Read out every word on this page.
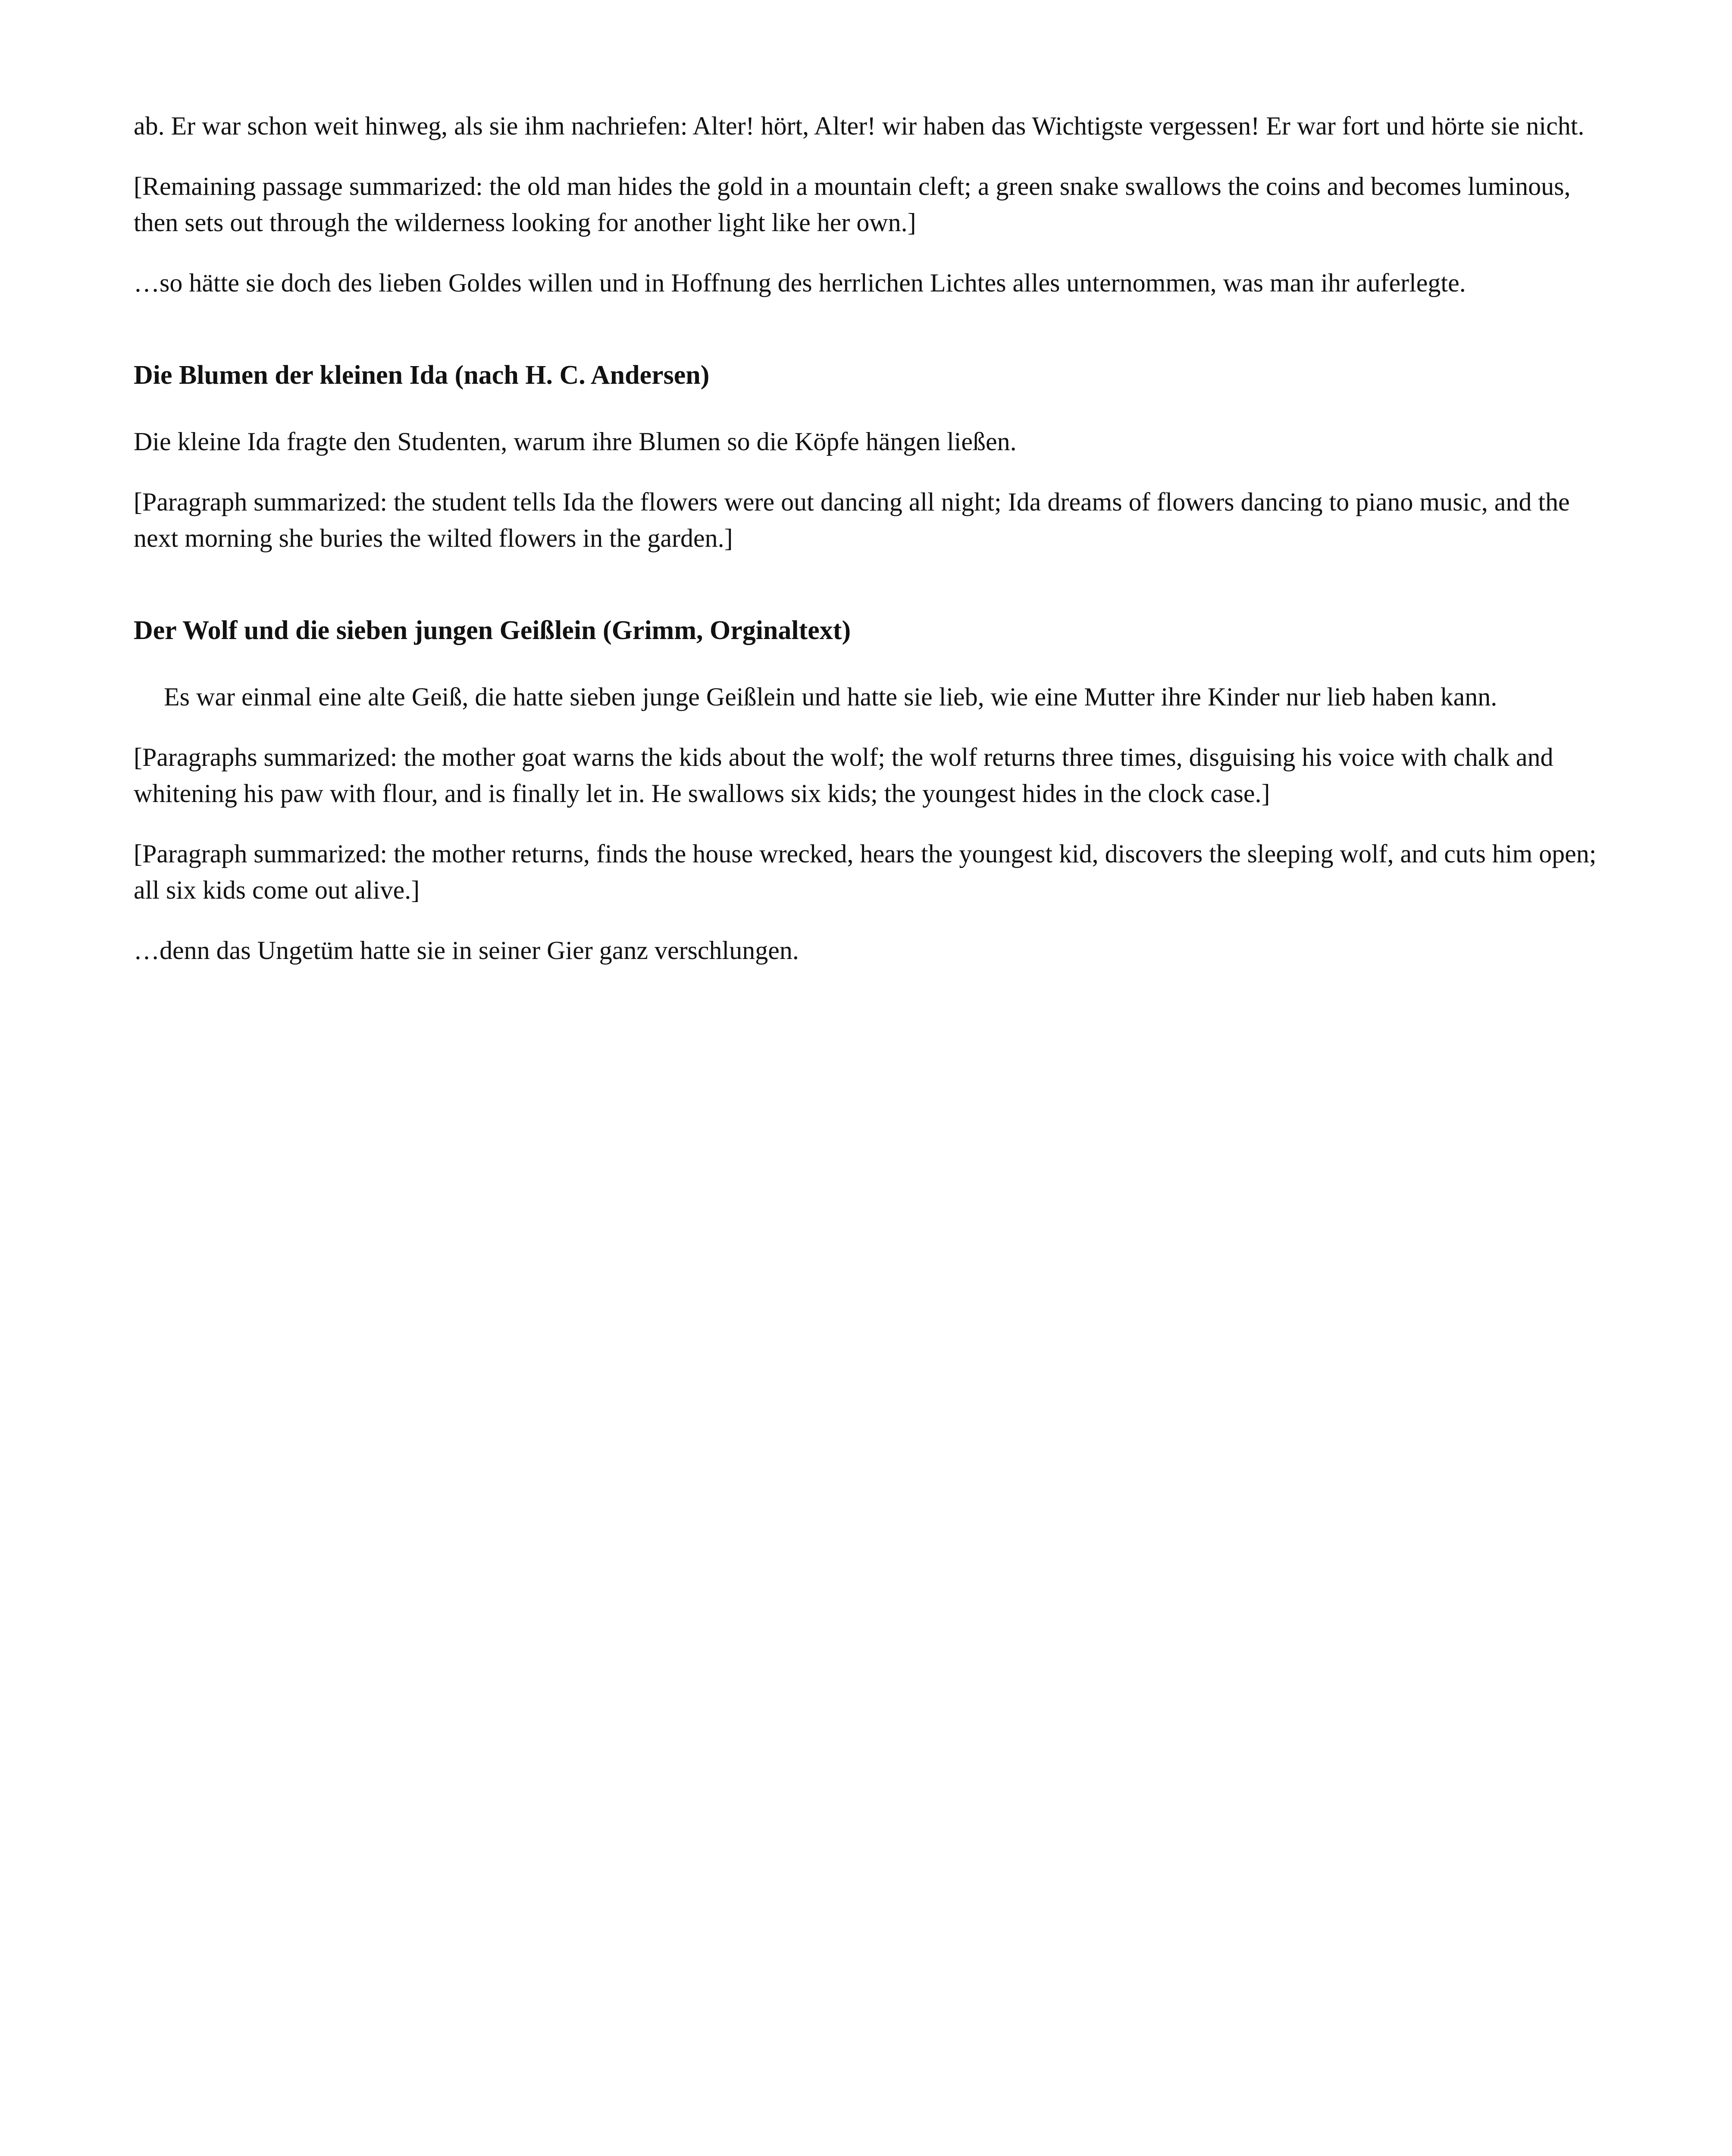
ab. Er war schon weit hinweg, als sie ihm nachriefen: Alter! hört, Alter! wir haben das Wichtigste vergessen! Er war fort und hörte sie nicht.

[Remaining passage summarized: the old man hides the gold in a mountain cleft; a green snake swallows the coins and becomes luminous, then sets out through the wilderness looking for another light like her own.]

…so hätte sie doch des lieben Goldes willen und in Hoffnung des herrlichen Lichtes alles unternommen, was man ihr auferlegte.

Die Blumen der kleinen Ida (nach H. C. Andersen)

Die kleine Ida fragte den Studenten, warum ihre Blumen so die Köpfe hängen ließen.

[Paragraph summarized: the student tells Ida the flowers were out dancing all night; Ida dreams of flowers dancing to piano music, and the next morning she buries the wilted flowers in the garden.]

Der Wolf und die sieben jungen Geißlein (Grimm, Orginaltext)

Es war einmal eine alte Geiß, die hatte sieben junge Geißlein und hatte sie lieb, wie eine Mutter ihre Kinder nur lieb haben kann.

[Paragraphs summarized: the mother goat warns the kids about the wolf; the wolf returns three times, disguising his voice with chalk and whitening his paw with flour, and is finally let in. He swallows six kids; the youngest hides in the clock case.]

[Paragraph summarized: the mother returns, finds the house wrecked, hears the youngest kid, discovers the sleeping wolf, and cuts him open; all six kids come out alive.]

…denn das Ungetüm hatte sie in seiner Gier ganz verschlungen.
